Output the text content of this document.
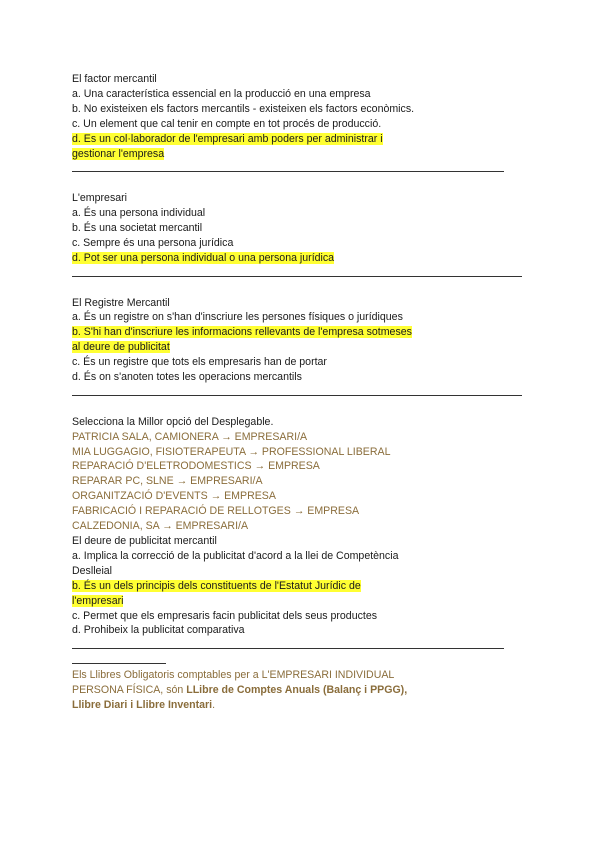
El factor mercantil
a. Una característica essencial en la producció en una empresa
b. No existeixen els factors mercantils - existeixen els factors econòmics.
c. Un element que cal tenir en compte en tot procés de producció.
d. Es un col·laborador de l'empresari amb poders per administrar i
gestionar l'empresa
L'empresari
a. És una persona individual
b. És una societat mercantil
c. Sempre és una persona jurídica
d. Pot ser una persona individual o una persona jurídica
El Registre Mercantil
a. És un registre on s'han d'inscriure les persones físiques o jurídiques
b. S'hi han d'inscriure les informacions rellevants de l'empresa sotmeses
al deure de publicitat
c. És un registre que tots els empresaris han de portar
d. És on s'anoten totes les operacions mercantils
Selecciona la Millor opció del Desplegable.
PATRICIA SALA, CAMIONERA → EMPRESARI/A
MIA LUGGAGIO, FISIOTERAPEUTA → PROFESSIONAL LIBERAL
REPARACIÓ D'ELETRODOMESTICS → EMPRESA
REPARAR PC, SLNE → EMPRESARI/A
ORGANITZACIÓ D'EVENTS → EMPRESA
FABRICACIÓ I REPARACIÓ DE RELLOTGES → EMPRESA
CALZEDONIA, SA → EMPRESARI/A
El deure de publicitat mercantil
a. Implica la correcció de la publicitat d'acord a la llei de Competència
Deslleial
b. És un dels principis dels constituents de l'Estatut Jurídic de
l'empresari
c. Permet que els empresaris facin publicitat dels seus productes
d. Prohibeix la publicitat comparativa
Els Llibres Obligatoris comptables per a L'EMPRESARI INDIVIDUAL
PERSONA FÍSICA, són LLibre de Comptes Anuals (Balanç i PPGG),
Llibre Diari i Llibre Inventari.
